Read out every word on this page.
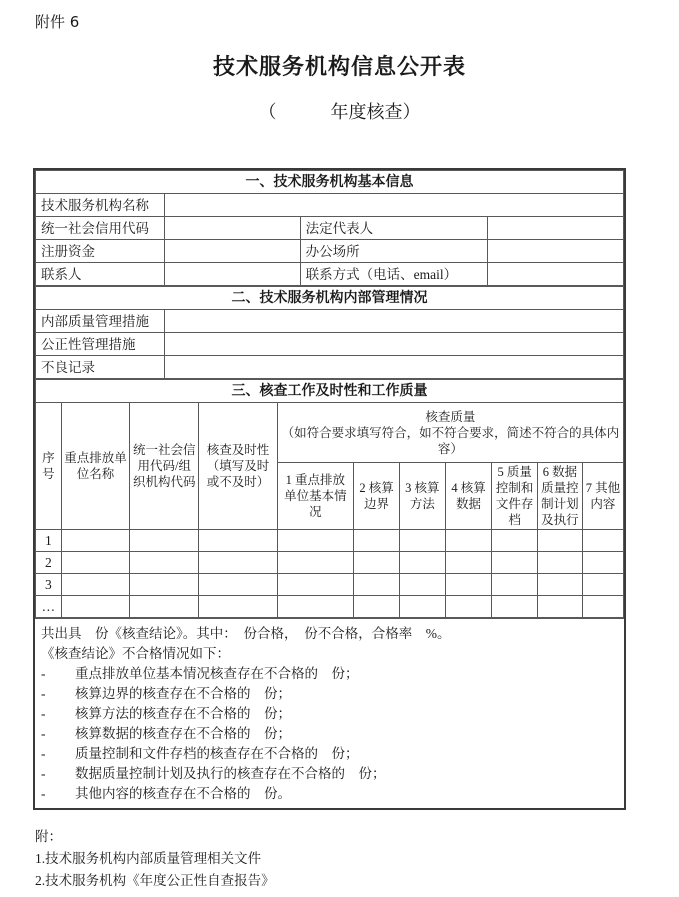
附件 6
技术服务机构信息公开表
（　　　年度核查）
一、技术服务机构基本信息			
技术服务机构名称			
统一社会信用代码		法定代表人	
注册资金		办公场所	
联系人		联系方式（电话、email）	
二、技术服务机构内部管理情况	
内部质量管理措施	
公正性管理措施	
不良记录	
三、核查工作及时性和工作质量										
序号	重点排放单位名称	统一社会信用代码/组织机构代码	核查及时性（填写及时或不及时）	核查质量
（如符合要求填写符合，如不符合要求，简述不符合的具体内容）						

				1 重点排放单位基本情况	2 核算边界	3 核算方法	4 核算数据	5 质量控制和文件存档	6 数据质量控制计划及执行	7 其他内容
1										
2										
3										
…										
共出具　份《核查结论》。其中：　份合格，　份不合格，合格率　%。
《核查结论》不合格情况如下：
-	重点排放单位基本情况核查存在不合格的　份；
-	核算边界的核查存在不合格的　份；
-	核算方法的核查存在不合格的　份；
-	核算数据的核查存在不合格的　份；
-	质量控制和文件存档的核查存在不合格的　份；
-	数据质量控制计划及执行的核查存在不合格的　份；
-	其他内容的核查存在不合格的　份。
附：
1.技术服务机构内部质量管理相关文件
2.技术服务机构《年度公正性自查报告》
